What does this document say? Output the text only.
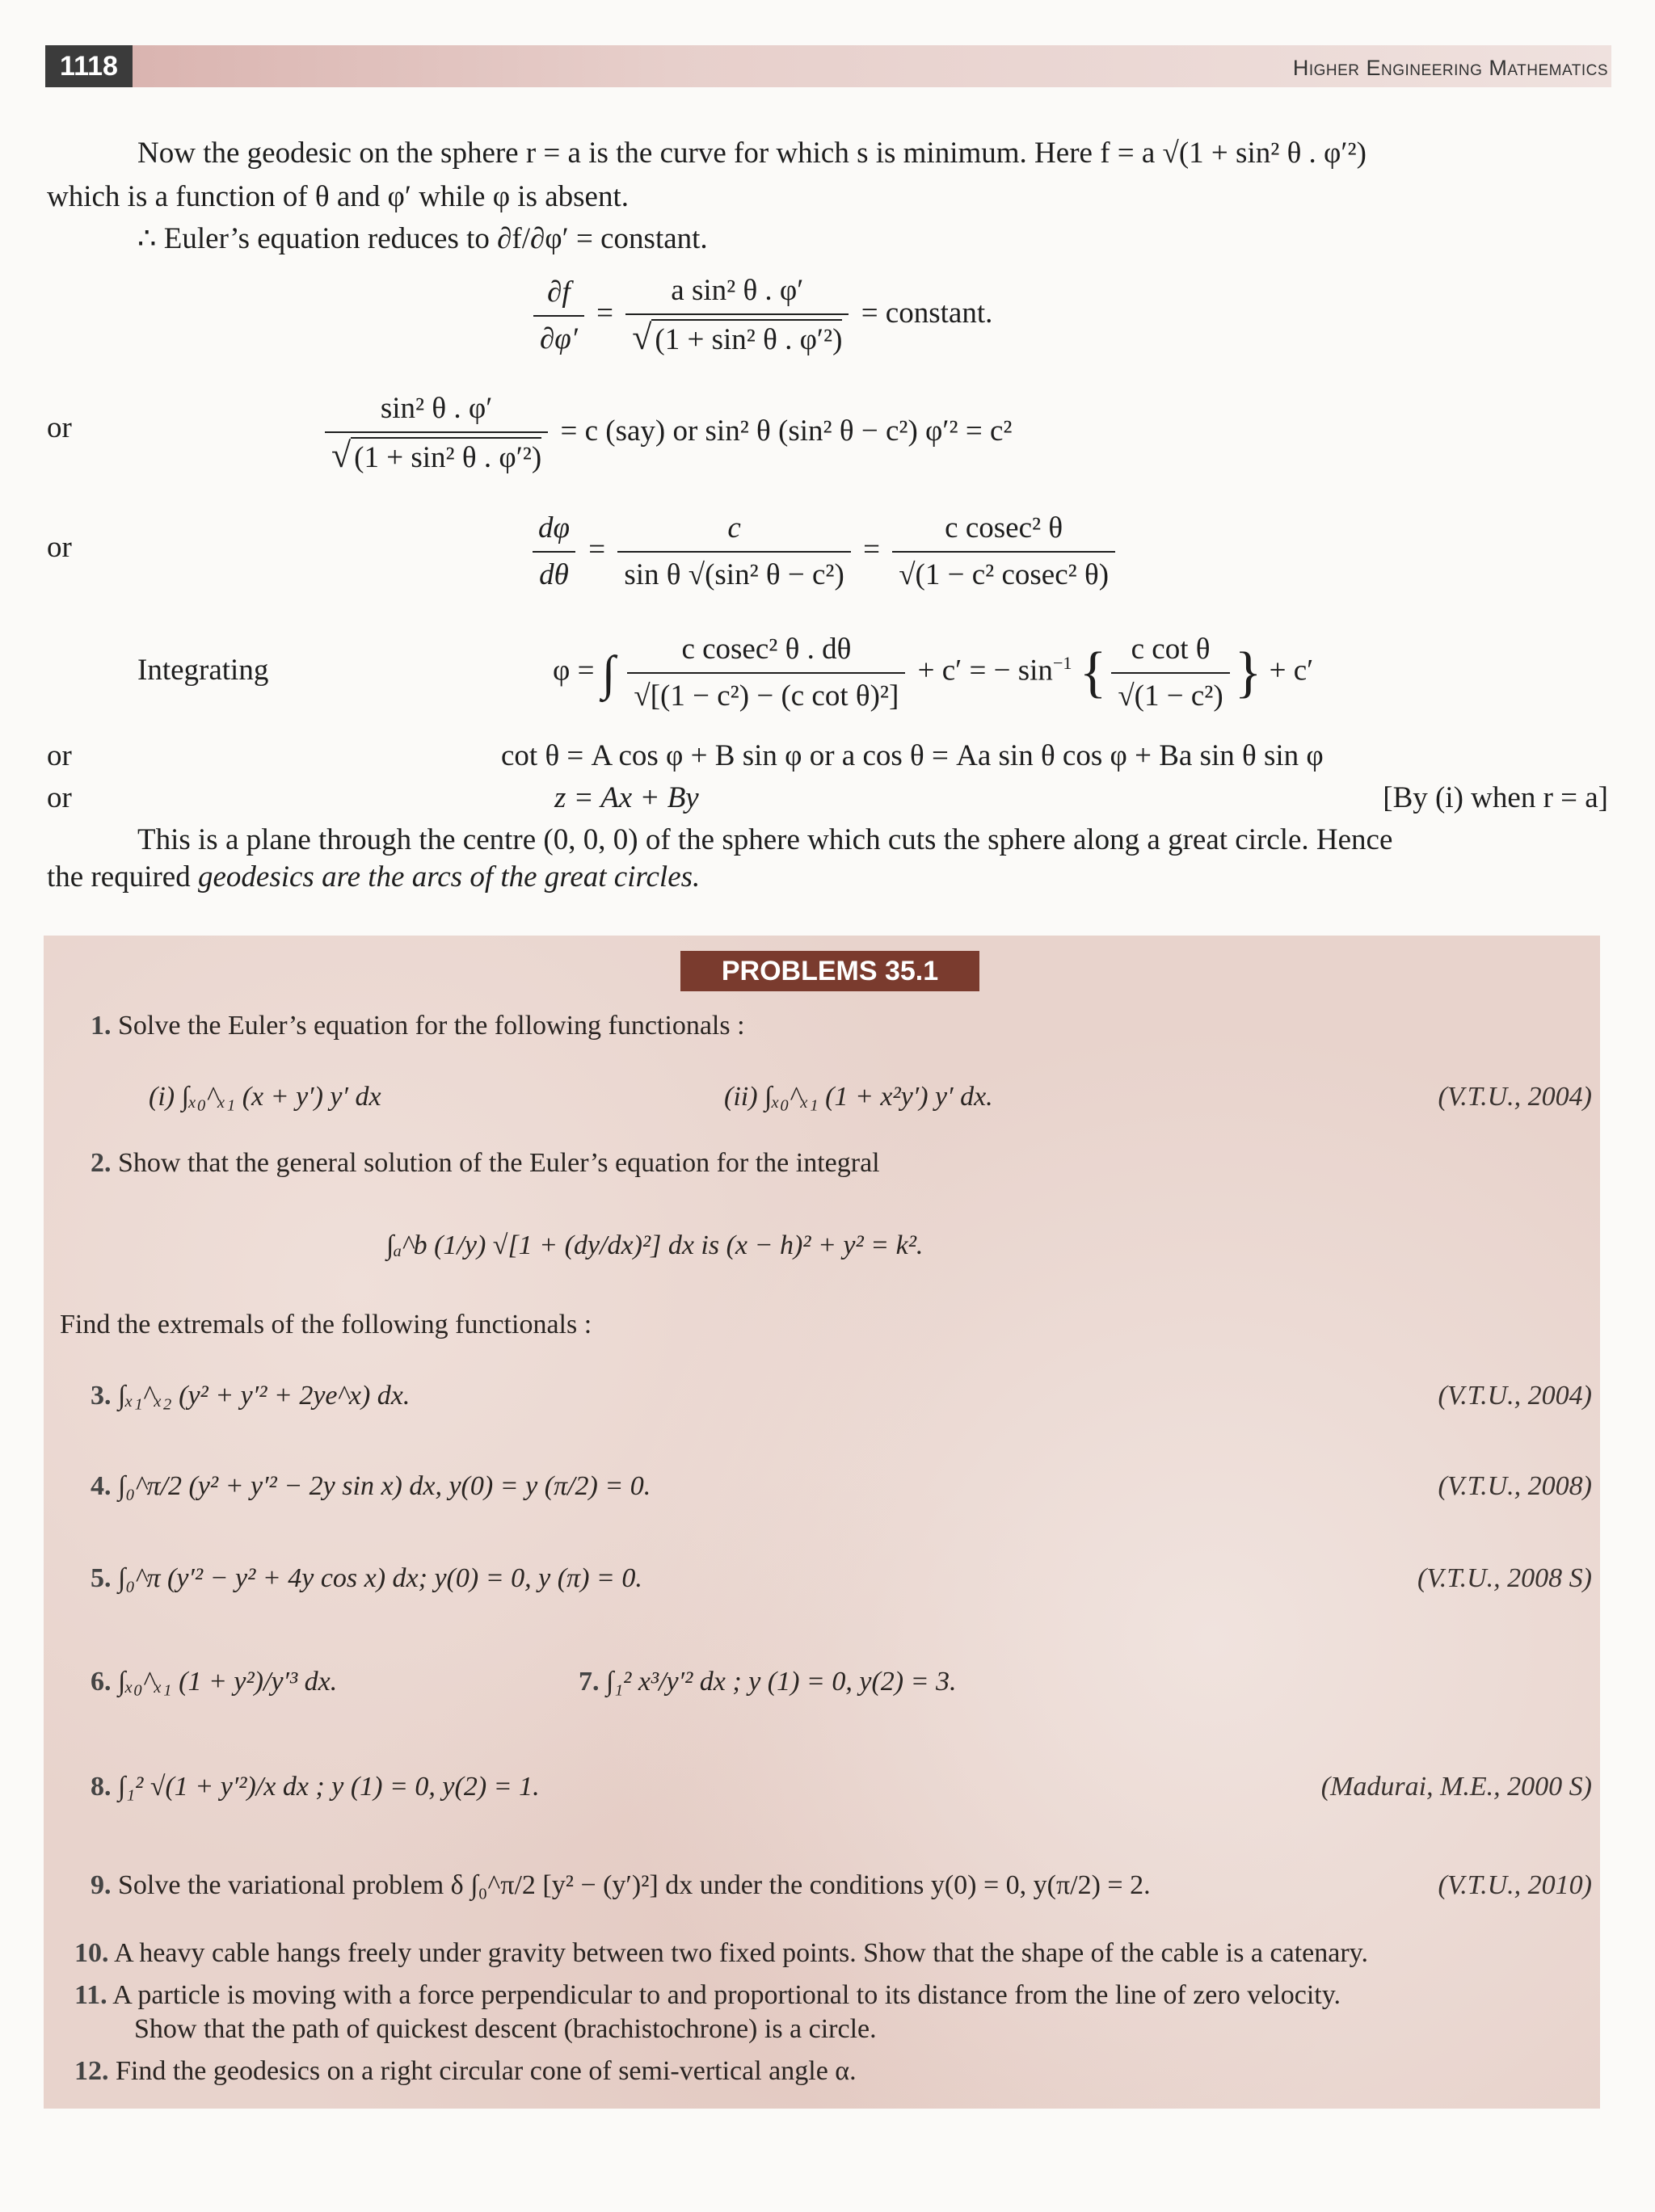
1118	Higher Engineering Mathematics
Now the geodesic on the sphere r = a is the curve for which s is minimum. Here f = a √(1 + sin² θ . φ′²)
which is a function of θ and φ′ while φ is absent.
∴ Euler’s equation reduces to ∂f/∂φ′ = constant.
$\frac{\partial f}{\partial\varphi'} = \frac{\text{a sin² θ . φ′}}{\text{√ (1 + sin² θ . φ′²)}}$ = constant.
or	$\frac{\text{sin² θ . φ′}}{\text{√ (1 + sin² θ . φ′²)}} = c$ (say) or sin² θ (sin² θ − c²) φ′² = c²
or	$\frac{d\varphi}{d\theta} = \frac{c}{\text{sin θ √(sin² θ − c²)}} = \frac{\text{c cosec² θ}}{\text{√(1 − c² cosec² θ)}}$
Integrating	φ = ∫ $\frac{\text{c cosec² θ . dθ}}{\text{√[(1 − c²) − (c cot θ)²]}} + c'$ = − $\sin^{-1}$ { $\frac{\text{c cot θ}}{\text{√(1 − c²)}}$ } + c′
or	cot θ = A cos φ + B sin φ or a cos θ = Aa sin θ cos φ + Ba sin θ sin φ
or	z = Ax + By	[By (i) when r = a]
This is a plane through the centre (0, 0, 0) of the sphere which cuts the sphere along a great circle. Hence
the required geodesics are the arcs of the great circles.
PROBLEMS 35.1
1. Solve the Euler’s equation for the following functionals :
(i) ∫ₓ₀^ₓ₁ (x + y′) y′ dx	(ii) ∫ₓ₀^ₓ₁ (1 + x²y′) y′ dx.	(V.T.U., 2004)
2. Show that the general solution of the Euler’s equation for the integral
∫ₐ^b (1/y) √[1 + (dy/dx)²] dx is (x − h)² + y² = k².
Find the extremals of the following functionals :
3. ∫ₓ₁^ₓ₂ (y² + y′² + 2ye^x) dx.	(V.T.U., 2004)
4. ∫₀^π/2 (y² + y′² − 2y sin x) dx, y(0) = y (π/2) = 0.	(V.T.U., 2008)
5. ∫₀^π (y′² − y² + 4y cos x) dx; y(0) = 0, y (π) = 0.	(V.T.U., 2008 S)
6. ∫ₓ₀^ₓ₁ (1 + y²)/y′³ dx.	7. ∫₁² x³/y′² dx ; y (1) = 0, y(2) = 3.
8. ∫₁² √(1 + y′²)/x dx ; y (1) = 0, y(2) = 1.	(Madurai, M.E., 2000 S)
9. Solve the variational problem δ ∫₀^π/2 [y² − (y′)²] dx under the conditions y(0) = 0, y(π/2) = 2.	(V.T.U., 2010)
10. A heavy cable hangs freely under gravity between two fixed points. Show that the shape of the cable is a catenary.
11. A particle is moving with a force perpendicular to and proportional to its distance from the line of zero velocity.
Show that the path of quickest descent (brachistochrone) is a circle.
12. Find the geodesics on a right circular cone of semi-vertical angle α.
